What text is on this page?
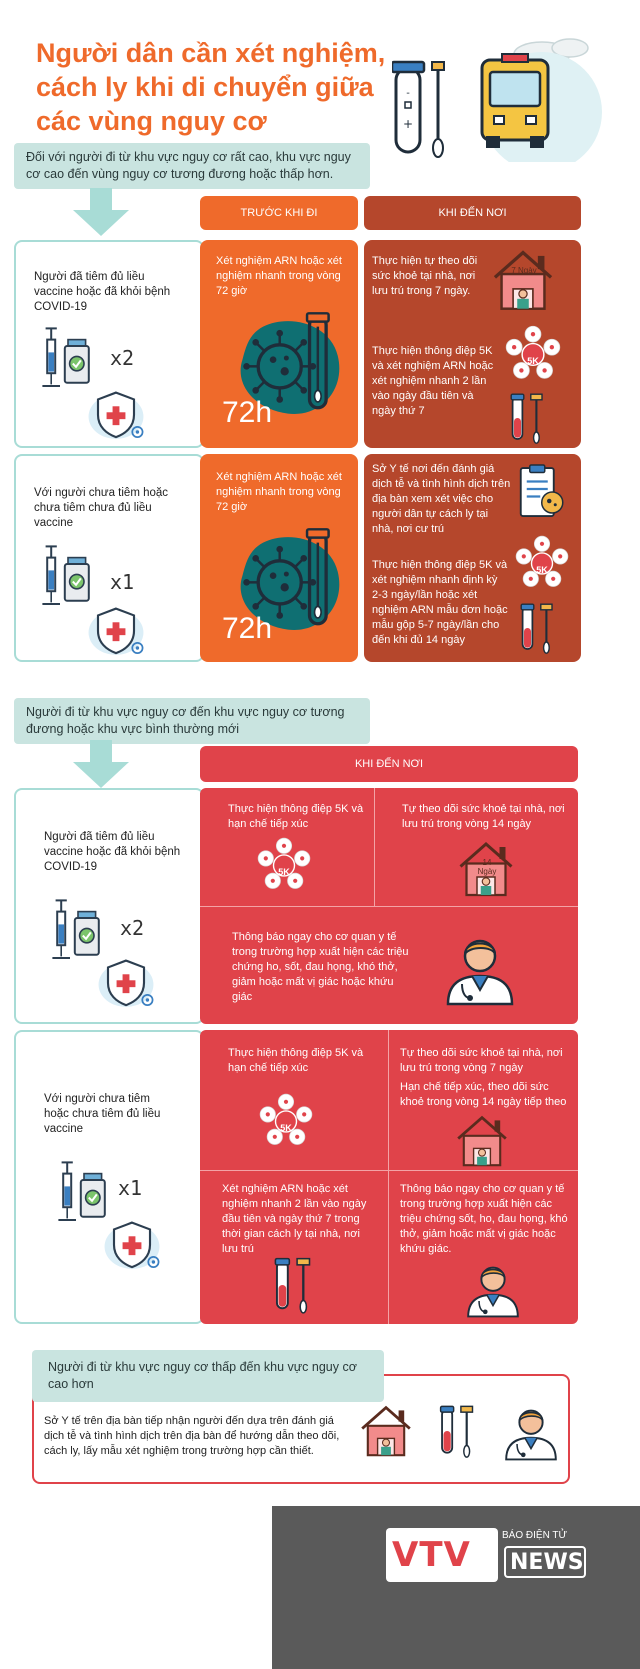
Người dân cần xét nghiệm, cách ly khi di chuyển giữa các vùng nguy cơ
-
+
Đối với người đi từ khu vực nguy cơ rất cao, khu vực nguy cơ cao đến vùng nguy cơ tương đương hoặc thấp hơn.
TRƯỚC KHI ĐI	KHI ĐẾN NƠI
Người đã tiêm đủ liều vaccine hoặc đã khỏi bệnh COVID-19
x2
Xét nghiệm ARN hoặc xét nghiệm nhanh trong vòng 72 giờ
72h
Thực hiện tự theo dõi sức khoẻ tại nhà, nơi lưu trú trong 7 ngày.
7 Ngày
Thực hiện thông điệp 5K và xét nghiệm ARN hoặc xét nghiệm nhanh 2 lần vào ngày đầu tiên và ngày thứ 7
5K
Với người chưa tiêm hoặc chưa tiêm chưa đủ liều vaccine
x1
Xét nghiệm ARN hoặc xét nghiệm nhanh trong vòng 72 giờ
72h
Sở Y tế nơi đến đánh giá dịch tễ và tình hình dịch trên địa bàn xem xét việc cho người dân tự cách ly tại nhà, nơi cư trú
Thực hiện thông điệp 5K và xét nghiệm nhanh định kỳ 2-3 ngày/lần hoặc xét nghiệm ARN mẫu đơn hoặc mẫu gộp 5-7 ngày/lần cho đến khi đủ 14 ngày
5K
Người đi từ khu vực nguy cơ đến khu vực nguy cơ tương đương hoặc khu vực bình thường mới
KHI ĐẾN NƠI
Người đã tiêm đủ liều vaccine hoặc đã khỏi bệnh COVID-19
x2
Thực hiện thông điệp 5K và hạn chế tiếp xúc
5K
Tự theo dõi sức khoẻ tại nhà, nơi lưu trú trong vòng 14 ngày
14 Ngày
Thông báo ngay cho cơ quan y tế trong trường hợp xuất hiện các triệu chứng ho, sốt, đau họng, khó thở, giảm hoặc mất vị giác hoặc khứu giác
Với người chưa tiêm hoặc chưa tiêm đủ liều vaccine
x1
Thực hiện thông điệp 5K và hạn chế tiếp xúc
5K
Tự theo dõi sức khoẻ tại nhà, nơi lưu trú trong vòng 7 ngày
Hạn chế tiếp xúc, theo dõi sức khoẻ trong vòng 14 ngày tiếp theo
Xét nghiệm ARN hoặc xét nghiệm nhanh 2 lần vào ngày đầu tiên và ngày thứ 7 trong thời gian cách ly tại nhà, nơi lưu trú
Thông báo ngay cho cơ quan y tế trong trường hợp xuất hiện các triệu chứng sốt, ho, đau họng, khó thở, giảm hoặc mất vị giác hoặc khứu giác.
Sở Y tế trên địa bàn tiếp nhận người đến dựa trên đánh giá dịch tễ và tình hình dịch trên địa bàn để hướng dẫn theo dõi, cách ly, lấy mẫu xét nghiệm trong trường hợp cần thiết.
Người đi từ khu vực nguy cơ thấp đến khu vực nguy cơ cao hơn
VTV	BÁO ĐIỆN TỬ
NEWS
